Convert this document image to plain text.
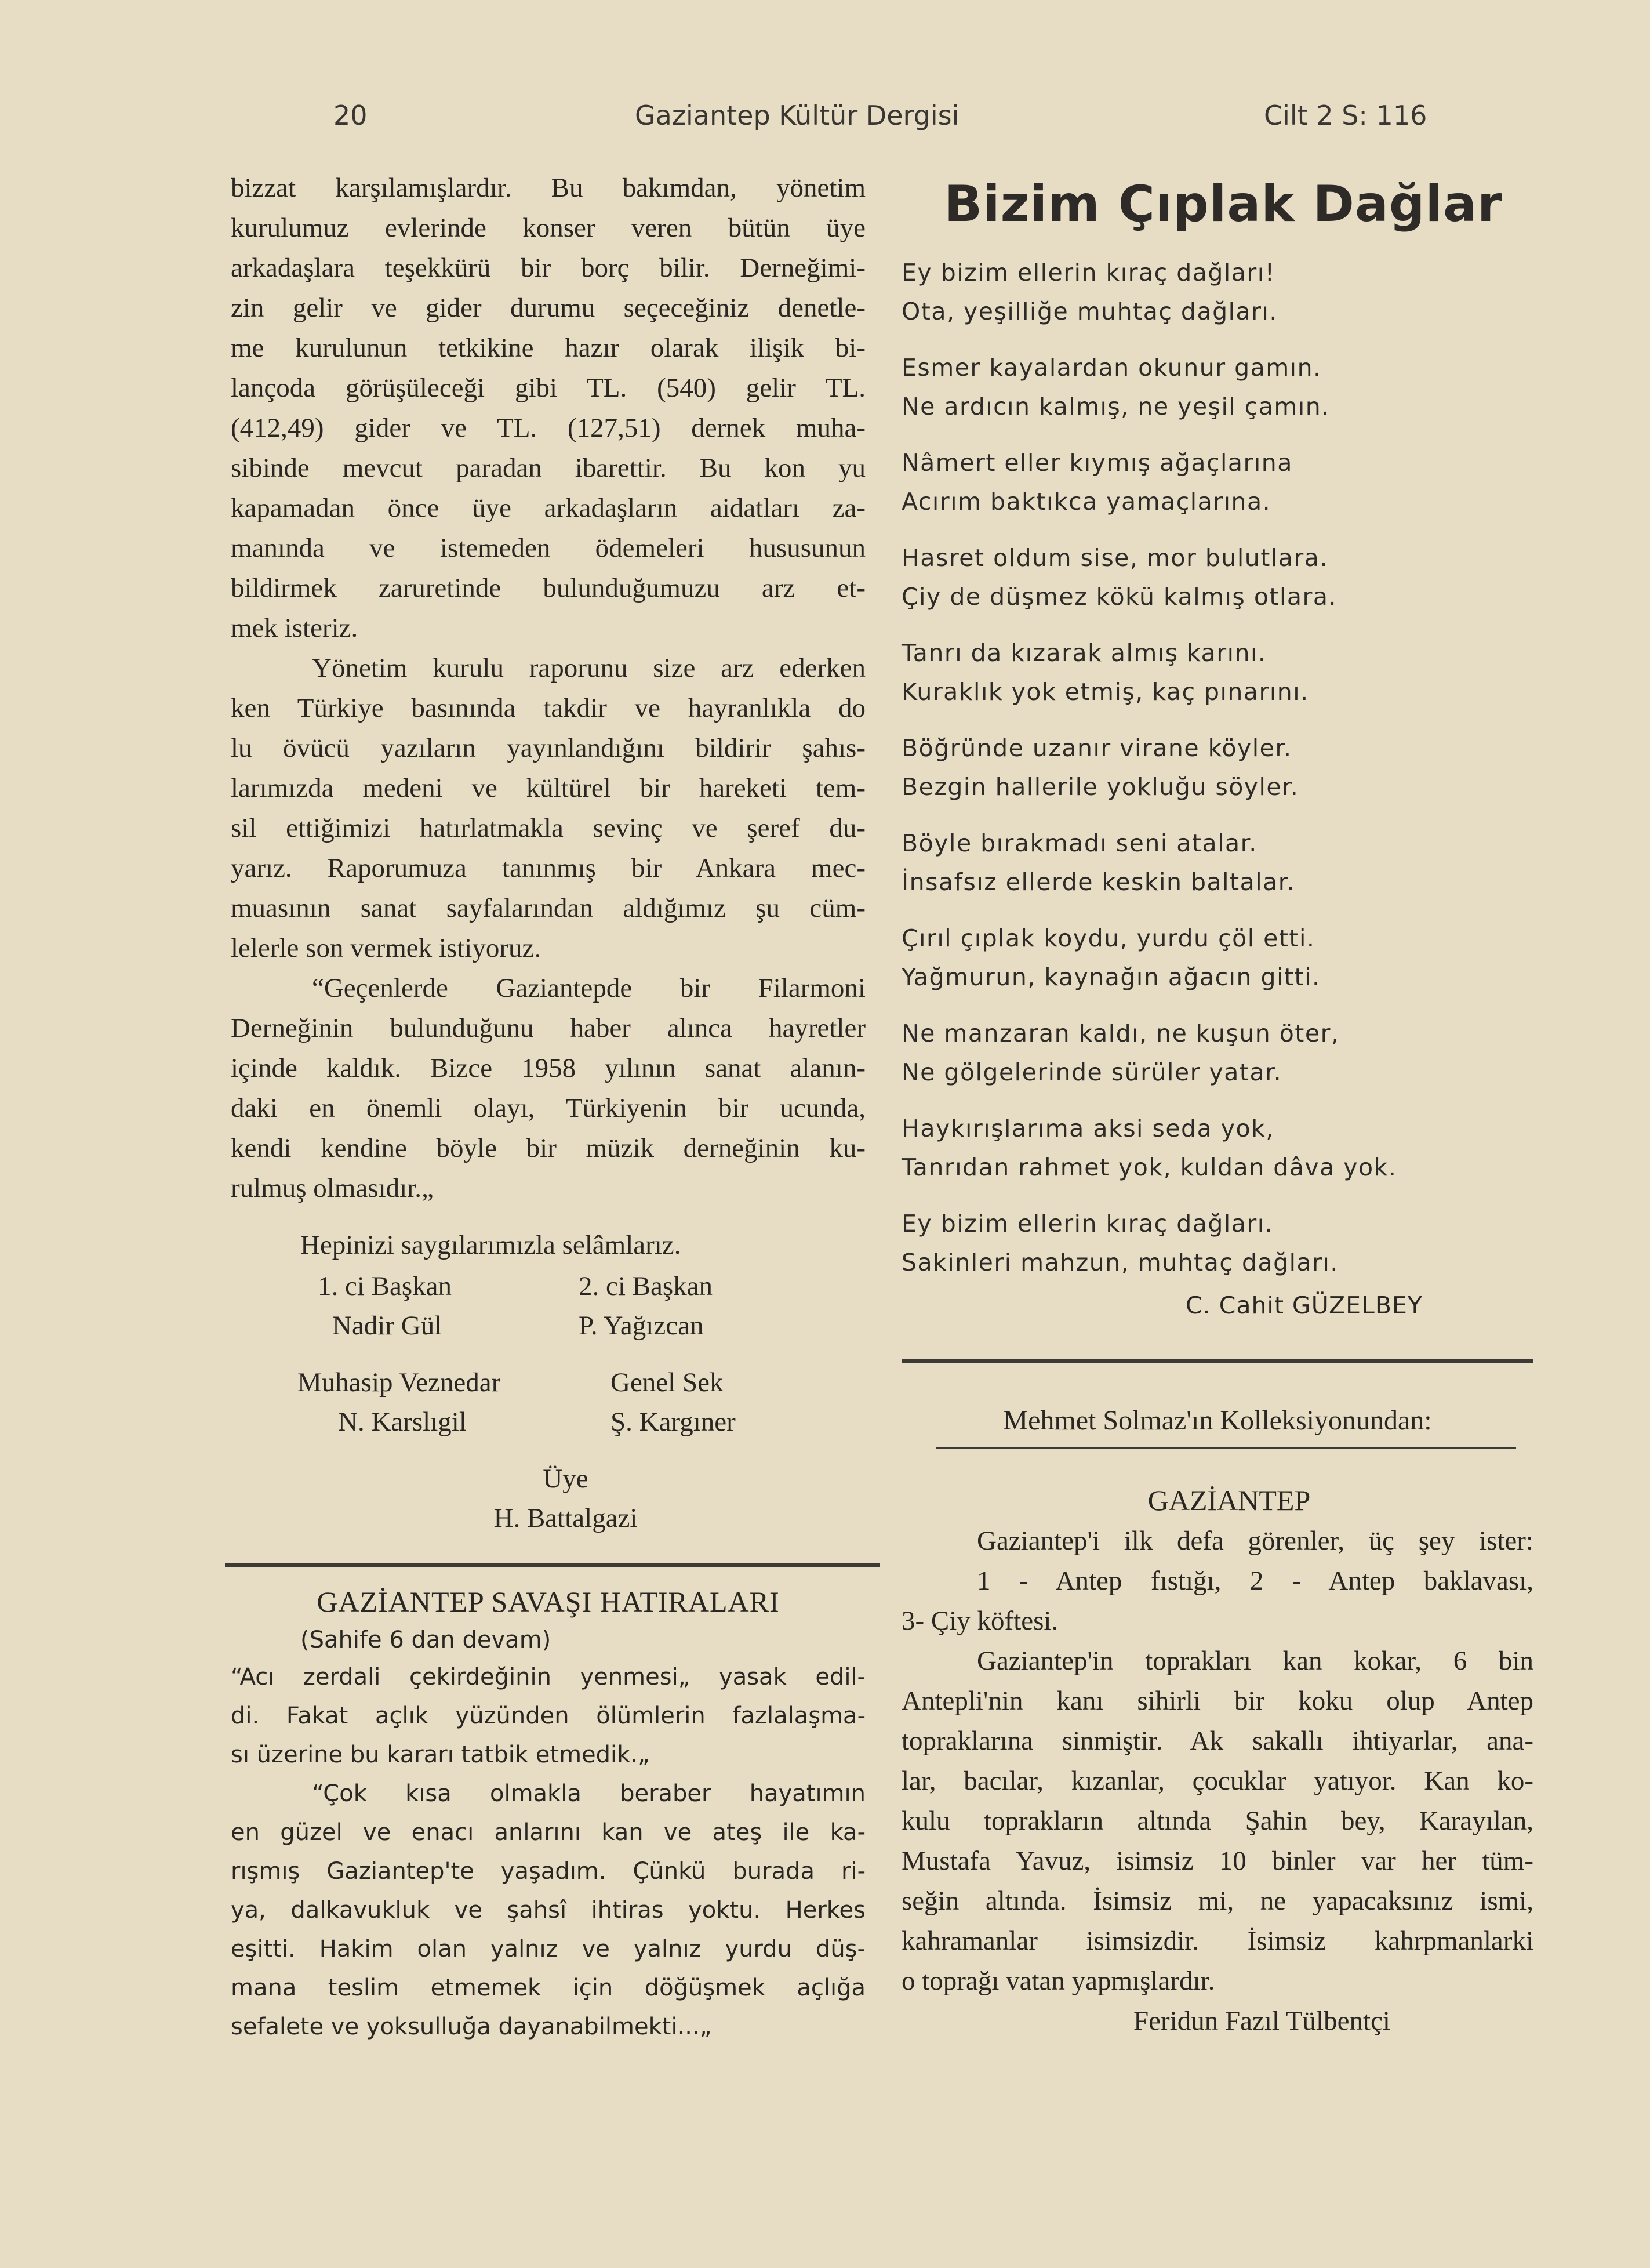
20	Gaziantep Kültür Dergisi	Cilt 2 S: 116
bizzat karşılamışlardır. Bu bakımdan, yönetim
kurulumuz evlerinde konser veren bütün üye
arkadaşlara teşekkürü bir borç bilir. Derneğimi-
zin gelir ve gider durumu seçeceğiniz denetle-
me kurulunun tetkikine hazır olarak ilişik bi-
lançoda görüşüleceği gibi TL. (540) gelir TL.
(412,49) gider ve TL. (127,51) dernek muha-
sibinde mevcut paradan ibarettir. Bu kon yu
kapamadan önce üye arkadaşların aidatları za-
manında ve istemeden ödemeleri hususunun
bildirmek zaruretinde bulunduğumuzu arz et-
mek isteriz.
Yönetim kurulu raporunu size arz ederken
ken Türkiye basınında takdir ve hayranlıkla do
lu övücü yazıların yayınlandığını bildirir şahıs-
larımızda medeni ve kültürel bir hareketi tem-
sil ettiğimizi hatırlatmakla sevinç ve şeref du-
yarız. Raporumuza tanınmış bir Ankara mec-
muasının sanat sayfalarından aldığımız şu cüm-
lelerle son vermek istiyoruz.
“Geçenlerde Gaziantepde bir Filarmoni
Derneğinin bulunduğunu haber alınca hayretler
içinde kaldık. Bizce 1958 yılının sanat alanın-
daki en önemli olayı, Türkiyenin bir ucunda,
kendi kendine böyle bir müzik derneğinin ku-
rulmuş olmasıdır.„
Hepinizi saygılarımızla selâmlarız.
1. ci Başkan	2. ci Başkan
Nadir Gül	P. Yağızcan
Muhasip Veznedar	Genel Sek
N. Karslıgil	Ş. Kargıner
Üye
H. Battalgazi
GAZİANTEP SAVAŞI HATIRALARI
(Sahife 6 dan devam)
“Acı zerdali çekirdeğinin yenmesi„ yasak edil-
di. Fakat açlık yüzünden ölümlerin fazlalaşma-
sı üzerine bu kararı tatbik etmedik.„
“Çok kısa olmakla beraber hayatımın
en güzel ve enacı anlarını kan ve ateş ile ka-
rışmış Gaziantep'te yaşadım. Çünkü burada ri-
ya, dalkavukluk ve şahsî ihtiras yoktu. Herkes
eşitti. Hakim olan yalnız ve yalnız yurdu düş-
mana teslim etmemek için döğüşmek açlığa
sefalete ve yoksulluğa dayanabilmekti...„
Bizim Çıplak Dağlar
Ey bizim ellerin kıraç dağları!
Ota, yeşilliğe muhtaç dağları.
Esmer kayalardan okunur gamın.
Ne ardıcın kalmış, ne yeşil çamın.
Nâmert eller kıymış ağaçlarına
Acırım baktıkca yamaçlarına.
Hasret oldum sise, mor bulutlara.
Çiy de düşmez kökü kalmış otlara.
Tanrı da kızarak almış karını.
Kuraklık yok etmiş, kaç pınarını.
Böğründe uzanır virane köyler.
Bezgin hallerile yokluğu söyler.
Böyle bırakmadı seni atalar.
İnsafsız ellerde keskin baltalar.
Çırıl çıplak koydu, yurdu çöl etti.
Yağmurun, kaynağın ağacın gitti.
Ne manzaran kaldı, ne kuşun öter,
Ne gölgelerinde sürüler yatar.
Haykırışlarıma aksi seda yok,
Tanrıdan rahmet yok, kuldan dâva yok.
Ey bizim ellerin kıraç dağları.
Sakinleri mahzun, muhtaç dağları.
C. Cahit GÜZELBEY
Mehmet Solmaz'ın Kolleksiyonundan:
GAZİANTEP
Gaziantep'i ilk defa görenler, üç şey ister:
1 - Antep fıstığı, 2 - Antep baklavası,
3- Çiy köftesi.
Gaziantep'in toprakları kan kokar, 6 bin
Antepli'nin kanı sihirli bir koku olup Antep
topraklarına sinmiştir. Ak sakallı ihtiyarlar, ana-
lar, bacılar, kızanlar, çocuklar yatıyor. Kan ko-
kulu toprakların altında Şahin bey, Karayılan,
Mustafa Yavuz, isimsiz 10 binler var her tüm-
seğin altında. İsimsiz mi, ne yapacaksınız ismi,
kahramanlar isimsizdir. İsimsiz kahrpmanlarki
o toprağı vatan yapmışlardır.
Feridun Fazıl Tülbentçi
